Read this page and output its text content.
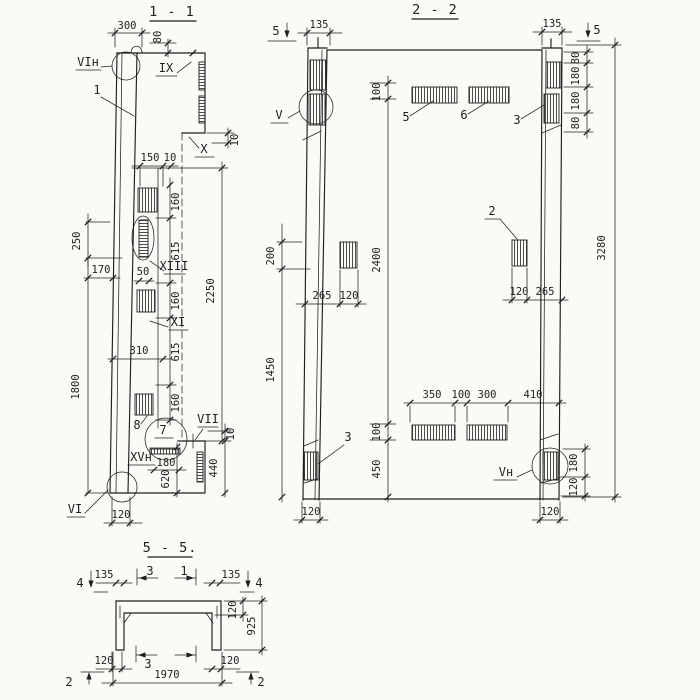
1 - 1
300
80
VIн
1
IX
10
X
150 10
160
615
160
615
160
2250
250
170 50
1800
310
XIII
XI
8 7
VII
XVн 180
620
10
440
120
VI
2 - 2
5	135
V
100
2400
100
450
5	6	3
135	5
80
180
180
80
3280
2
120 265
265 120
200
1450
350 100 300	410
3
Vн	180
120
120	120
5 - 5.
4
135	3 1	135
4
120
925
120	3	120
1970
2	2
